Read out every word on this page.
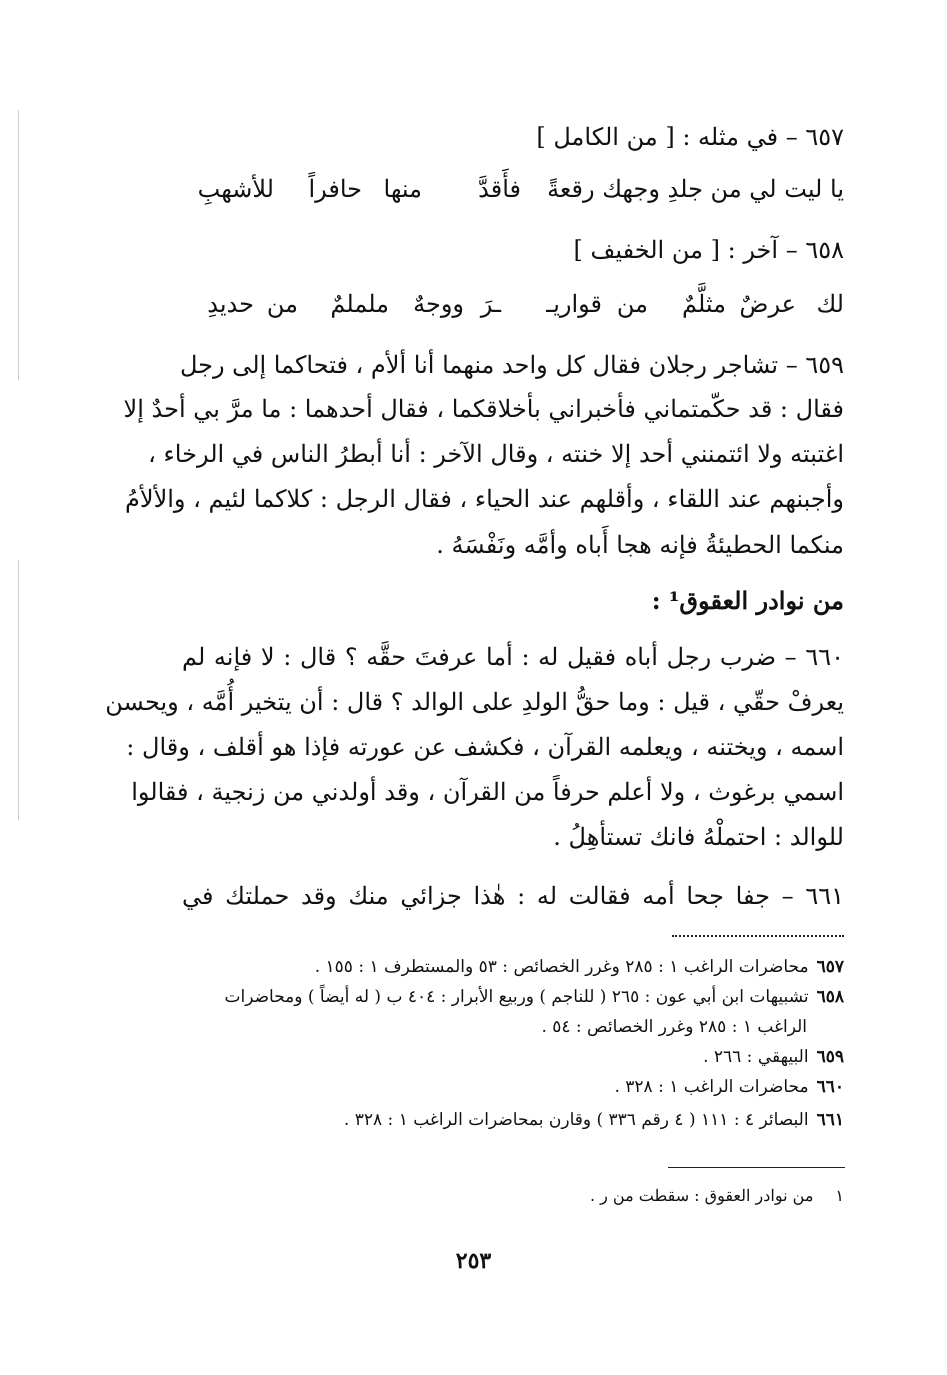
٦٥٧ – في مثله : [ من الكامل ]
يا ليت لي من جلدِ وجهك رقعةً
فأَقدَّ
منها
حافراً
للأشهبِ
٦٥٨ – آخر : [ من الخفيف ]
لك
عرضٌ
مثلَّمٌ
من
قواريـ
ـرَ
ووجهٌ
ململمٌ
من
حديدِ
٦٥٩ – تشاجر رجلان فقال كل واحد منهما أنا ألأم ، فتحاكما إلى رجل
فقال : قد حكّمتماني فأخبراني بأخلاقكما ، فقال أحدهما : ما مرَّ بي أحدٌ إلا
اغتبته ولا ائتمنني أحد إلا خنته ، وقال الآخر : أنا أبطرُ الناس في الرخاء ،
وأجبنهم عند اللقاء ، وأقلهم عند الحياء ، فقال الرجل : كلاكما لئيم ، والألأمُ
منكما الحطيئةُ فإنه هجا أَباه وأمَّه ونَفْسَهُ .
من نوادر العقوق¹ :
٦٦٠ – ضرب رجل أباه فقيل له : أما عرفتَ حقَّه ؟ قال : لا فإنه لم
يعرفْ حقّي ، قيل : وما حقُّ الولدِ على الوالد ؟ قال : أن يتخير أُمَّه ، ويحسن
اسمه ، ويختنه ، ويعلمه القرآن ، فكشف عن عورته فإذا هو أقلف ، وقال :
اسمي برغوث ، ولا أعلم حرفاً من القرآن ، وقد أولدني من زنجية ، فقالوا
للوالد : احتملْهُ فانك تستأهِلُ .
٦٦١ – جفا جحا أمه فقالت له : هٰذا جزائي منك وقد حملتك في
٦٥٧محاضرات الراغب ١ : ٢٨٥ وغرر الخصائص : ٥٣ والمستطرف ١ : ١٥٥ .
٦٥٨تشبيهات ابن أبي عون : ٢٦٥ ( للناجم ) وربيع الأبرار : ٤٠٤ ب ( له أيضاً ) ومحاضرات
الراغب ١ : ٢٨٥ وغرر الخصائص : ٥٤ .
٦٥٩البيهقي : ٢٦٦ .
٦٦٠محاضرات الراغب ١ : ٣٢٨ .
٦٦١البصائر ٤ : ١١١ ( ٤ رقم ٣٣٦ ) وقارن بمحاضرات الراغب ١ : ٣٢٨ .
١من نوادر العقوق : سقطت من ر .
٢٥٣
